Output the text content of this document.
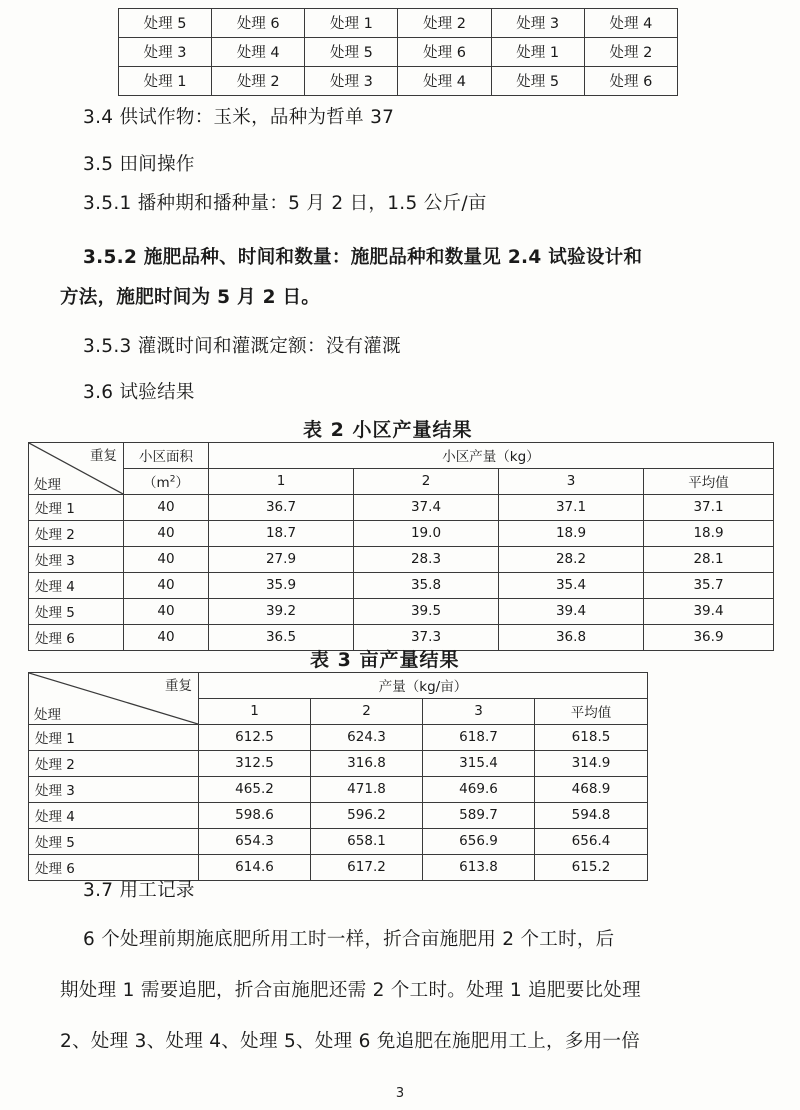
处理 5	处理 6	处理 1	处理 2	处理 3	处理 4
处理 3	处理 4	处理 5	处理 6	处理 1	处理 2
处理 1	处理 2	处理 3	处理 4	处理 5	处理 6
3.4 供试作物：玉米，品种为哲单 37
3.5 田间操作
3.5.1 播种期和播种量：5 月 2 日，1.5 公斤/亩
3.5.2 施肥品种、时间和数量：施肥品种和数量见 2.4 试验设计和
方法，施肥时间为 5 月 2 日。
3.5.3 灌溉时间和灌溉定额：没有灌溉
3.6 试验结果
表 2 小区产量结果
重复
处理	小区面积	小区产量（kg）			
	$(m^2)$	1	2	3	平均值
处理 1	40	36.7	37.4	37.1	37.1
处理 2	40	18.7	19.0	18.9	18.9
处理 3	40	27.9	28.3	28.2	28.1
处理 4	40	35.9	35.8	35.4	35.7
处理 5	40	39.2	39.5	39.4	39.4
处理 6	40	36.5	37.3	36.8	36.9
表 3 亩产量结果
重复
处理	产量（kg/亩）			
	1	2	3	平均值
处理 1	612.5	624.3	618.7	618.5
处理 2	312.5	316.8	315.4	314.9
处理 3	465.2	471.8	469.6	468.9
处理 4	598.6	596.2	589.7	594.8
处理 5	654.3	658.1	656.9	656.4
处理 6	614.6	617.2	613.8	615.2
3.7 用工记录
6 个处理前期施底肥所用工时一样，折合亩施肥用 2 个工时，后
期处理 1 需要追肥，折合亩施肥还需 2 个工时。处理 1 追肥要比处理
2、处理 3、处理 4、处理 5、处理 6 免追肥在施肥用工上，多用一倍
3
